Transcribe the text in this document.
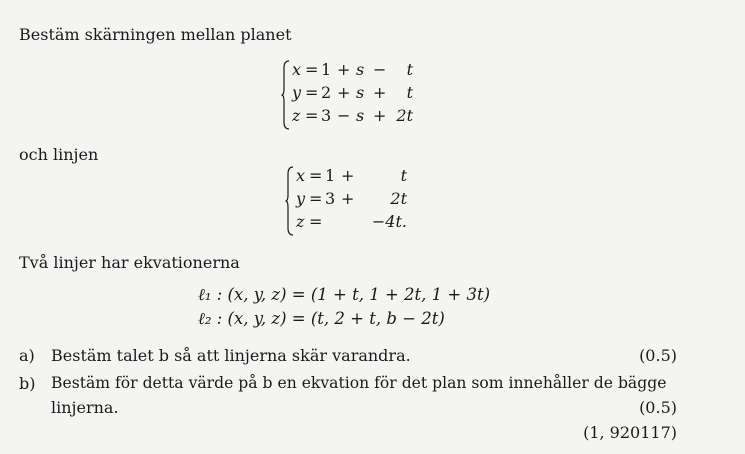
Bestäm skärningen mellan planet
x = 1 + s −	t
y = 2 + s +	t
z = 3 − s + 2t
och linjen
x = 1 +	t
y = 3 +	2t
z =	−4t.
Två linjer har ekvationerna
ℓ₁ : (x, y, z) = (1 + t, 1 + 2t, 1 + 3t)
ℓ₂ : (x, y, z) = (t, 2 + t, b − 2t)
a) Bestäm talet b så att linjerna skär varandra.	(0.5)
b) Bestäm för detta värde på b en ekvation för det plan som innehåller de bägge
linjerna.	(0.5)
(1, 920117)
